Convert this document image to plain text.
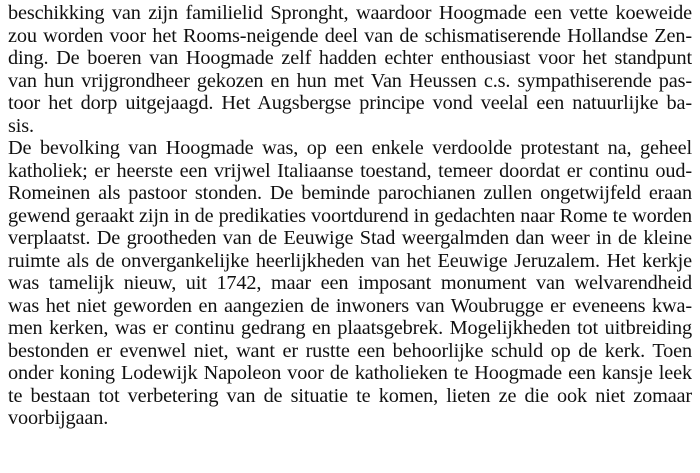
beschikking van zijn familielid Spronght, waardoor Hoogmade een vette koeweide
zou worden voor het Rooms-neigende deel van de schismatiserende Hollandse Zen-
ding. De boeren van Hoogmade zelf hadden echter enthousiast voor het standpunt
van hun vrijgrondheer gekozen en hun met Van Heussen c.s. sympathiserende pas-
toor het dorp uitgejaagd. Het Augsbergse principe vond veelal een natuurlijke ba-
sis.
De bevolking van Hoogmade was, op een enkele verdoolde protestant na, geheel
katholiek; er heerste een vrijwel Italiaanse toestand, temeer doordat er continu oud-
Romeinen als pastoor stonden. De beminde parochianen zullen ongetwijfeld eraan
gewend geraakt zijn in de predikaties voortdurend in gedachten naar Rome te worden
verplaatst. De grootheden van de Eeuwige Stad weergalmden dan weer in de kleine
ruimte als de onvergankelijke heerlijkheden van het Eeuwige Jeruzalem. Het kerkje
was tamelijk nieuw, uit 1742, maar een imposant monument van welvarendheid
was het niet geworden en aangezien de inwoners van Woubrugge er eveneens kwa-
men kerken, was er continu gedrang en plaatsgebrek. Mogelijkheden tot uitbreiding
bestonden er evenwel niet, want er rustte een behoorlijke schuld op de kerk. Toen
onder koning Lodewijk Napoleon voor de katholieken te Hoogmade een kansje leek
te bestaan tot verbetering van de situatie te komen, lieten ze die ook niet zomaar
voorbijgaan.
